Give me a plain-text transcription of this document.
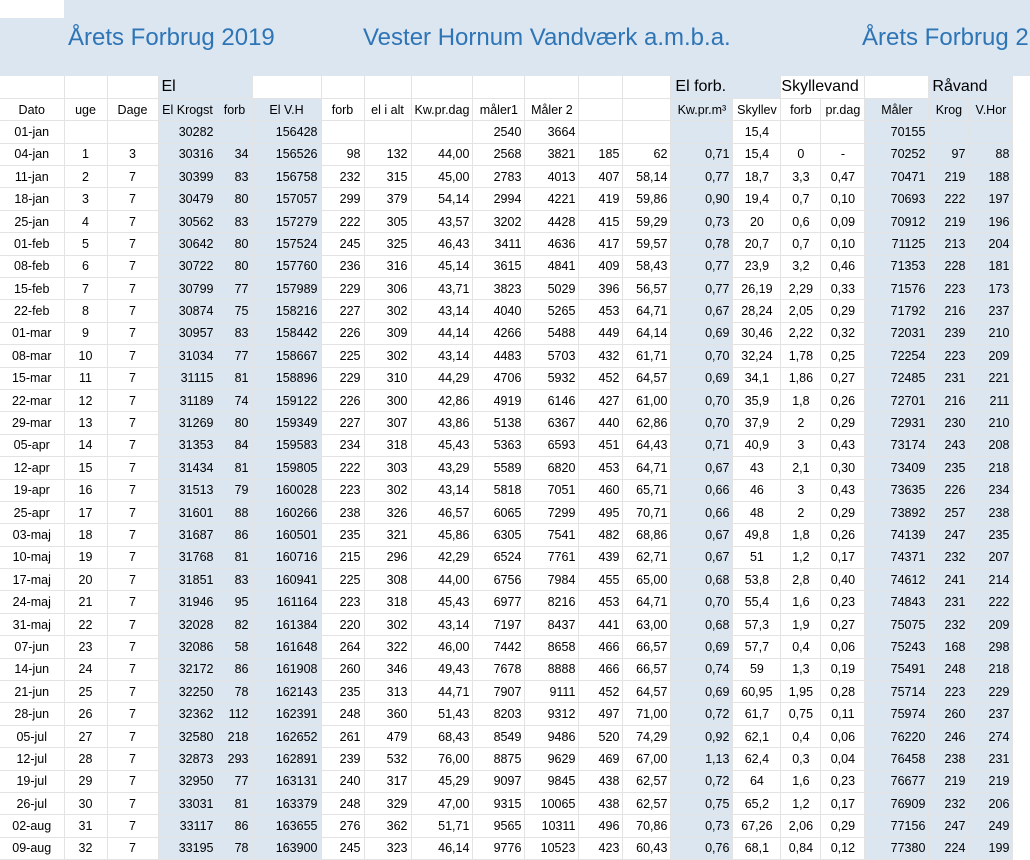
Årets Forbrug 2019	Vester Hornum Vandværk a.m.b.a.	Årets Forbrug 2
			El										El forb.		Skyllevand			Råvand	
Dato	uge	Dage	El Krogst	forb	El V.H	forb	el i alt	Kw.pr.dag	måler1	Måler 2			Kw.pr.m³	Skyllev	forb	pr.dag	Måler	Krog	V.Hor
01-jan			30282		156428				2540	3664				15,4			70155		
04-jan	1	3	30316	34	156526	98	132	44,00	2568	3821	185	62	0,71	15,4	0	-	70252	97	88
11-jan	2	7	30399	83	156758	232	315	45,00	2783	4013	407	58,14	0,77	18,7	3,3	0,47	70471	219	188
18-jan	3	7	30479	80	157057	299	379	54,14	2994	4221	419	59,86	0,90	19,4	0,7	0,10	70693	222	197
25-jan	4	7	30562	83	157279	222	305	43,57	3202	4428	415	59,29	0,73	20	0,6	0,09	70912	219	196
01-feb	5	7	30642	80	157524	245	325	46,43	3411	4636	417	59,57	0,78	20,7	0,7	0,10	71125	213	204
08-feb	6	7	30722	80	157760	236	316	45,14	3615	4841	409	58,43	0,77	23,9	3,2	0,46	71353	228	181
15-feb	7	7	30799	77	157989	229	306	43,71	3823	5029	396	56,57	0,77	26,19	2,29	0,33	71576	223	173
22-feb	8	7	30874	75	158216	227	302	43,14	4040	5265	453	64,71	0,67	28,24	2,05	0,29	71792	216	237
01-mar	9	7	30957	83	158442	226	309	44,14	4266	5488	449	64,14	0,69	30,46	2,22	0,32	72031	239	210
08-mar	10	7	31034	77	158667	225	302	43,14	4483	5703	432	61,71	0,70	32,24	1,78	0,25	72254	223	209
15-mar	11	7	31115	81	158896	229	310	44,29	4706	5932	452	64,57	0,69	34,1	1,86	0,27	72485	231	221
22-mar	12	7	31189	74	159122	226	300	42,86	4919	6146	427	61,00	0,70	35,9	1,8	0,26	72701	216	211
29-mar	13	7	31269	80	159349	227	307	43,86	5138	6367	440	62,86	0,70	37,9	2	0,29	72931	230	210
05-apr	14	7	31353	84	159583	234	318	45,43	5363	6593	451	64,43	0,71	40,9	3	0,43	73174	243	208
12-apr	15	7	31434	81	159805	222	303	43,29	5589	6820	453	64,71	0,67	43	2,1	0,30	73409	235	218
19-apr	16	7	31513	79	160028	223	302	43,14	5818	7051	460	65,71	0,66	46	3	0,43	73635	226	234
25-apr	17	7	31601	88	160266	238	326	46,57	6065	7299	495	70,71	0,66	48	2	0,29	73892	257	238
03-maj	18	7	31687	86	160501	235	321	45,86	6305	7541	482	68,86	0,67	49,8	1,8	0,26	74139	247	235
10-maj	19	7	31768	81	160716	215	296	42,29	6524	7761	439	62,71	0,67	51	1,2	0,17	74371	232	207
17-maj	20	7	31851	83	160941	225	308	44,00	6756	7984	455	65,00	0,68	53,8	2,8	0,40	74612	241	214
24-maj	21	7	31946	95	161164	223	318	45,43	6977	8216	453	64,71	0,70	55,4	1,6	0,23	74843	231	222
31-maj	22	7	32028	82	161384	220	302	43,14	7197	8437	441	63,00	0,68	57,3	1,9	0,27	75075	232	209
07-jun	23	7	32086	58	161648	264	322	46,00	7442	8658	466	66,57	0,69	57,7	0,4	0,06	75243	168	298
14-jun	24	7	32172	86	161908	260	346	49,43	7678	8888	466	66,57	0,74	59	1,3	0,19	75491	248	218
21-jun	25	7	32250	78	162143	235	313	44,71	7907	9111	452	64,57	0,69	60,95	1,95	0,28	75714	223	229
28-jun	26	7	32362	112	162391	248	360	51,43	8203	9312	497	71,00	0,72	61,7	0,75	0,11	75974	260	237
05-jul	27	7	32580	218	162652	261	479	68,43	8549	9486	520	74,29	0,92	62,1	0,4	0,06	76220	246	274
12-jul	28	7	32873	293	162891	239	532	76,00	8875	9629	469	67,00	1,13	62,4	0,3	0,04	76458	238	231
19-jul	29	7	32950	77	163131	240	317	45,29	9097	9845	438	62,57	0,72	64	1,6	0,23	76677	219	219
26-jul	30	7	33031	81	163379	248	329	47,00	9315	10065	438	62,57	0,75	65,2	1,2	0,17	76909	232	206
02-aug	31	7	33117	86	163655	276	362	51,71	9565	10311	496	70,86	0,73	67,26	2,06	0,29	77156	247	249
09-aug	32	7	33195	78	163900	245	323	46,14	9776	10523	423	60,43	0,76	68,1	0,84	0,12	77380	224	199
